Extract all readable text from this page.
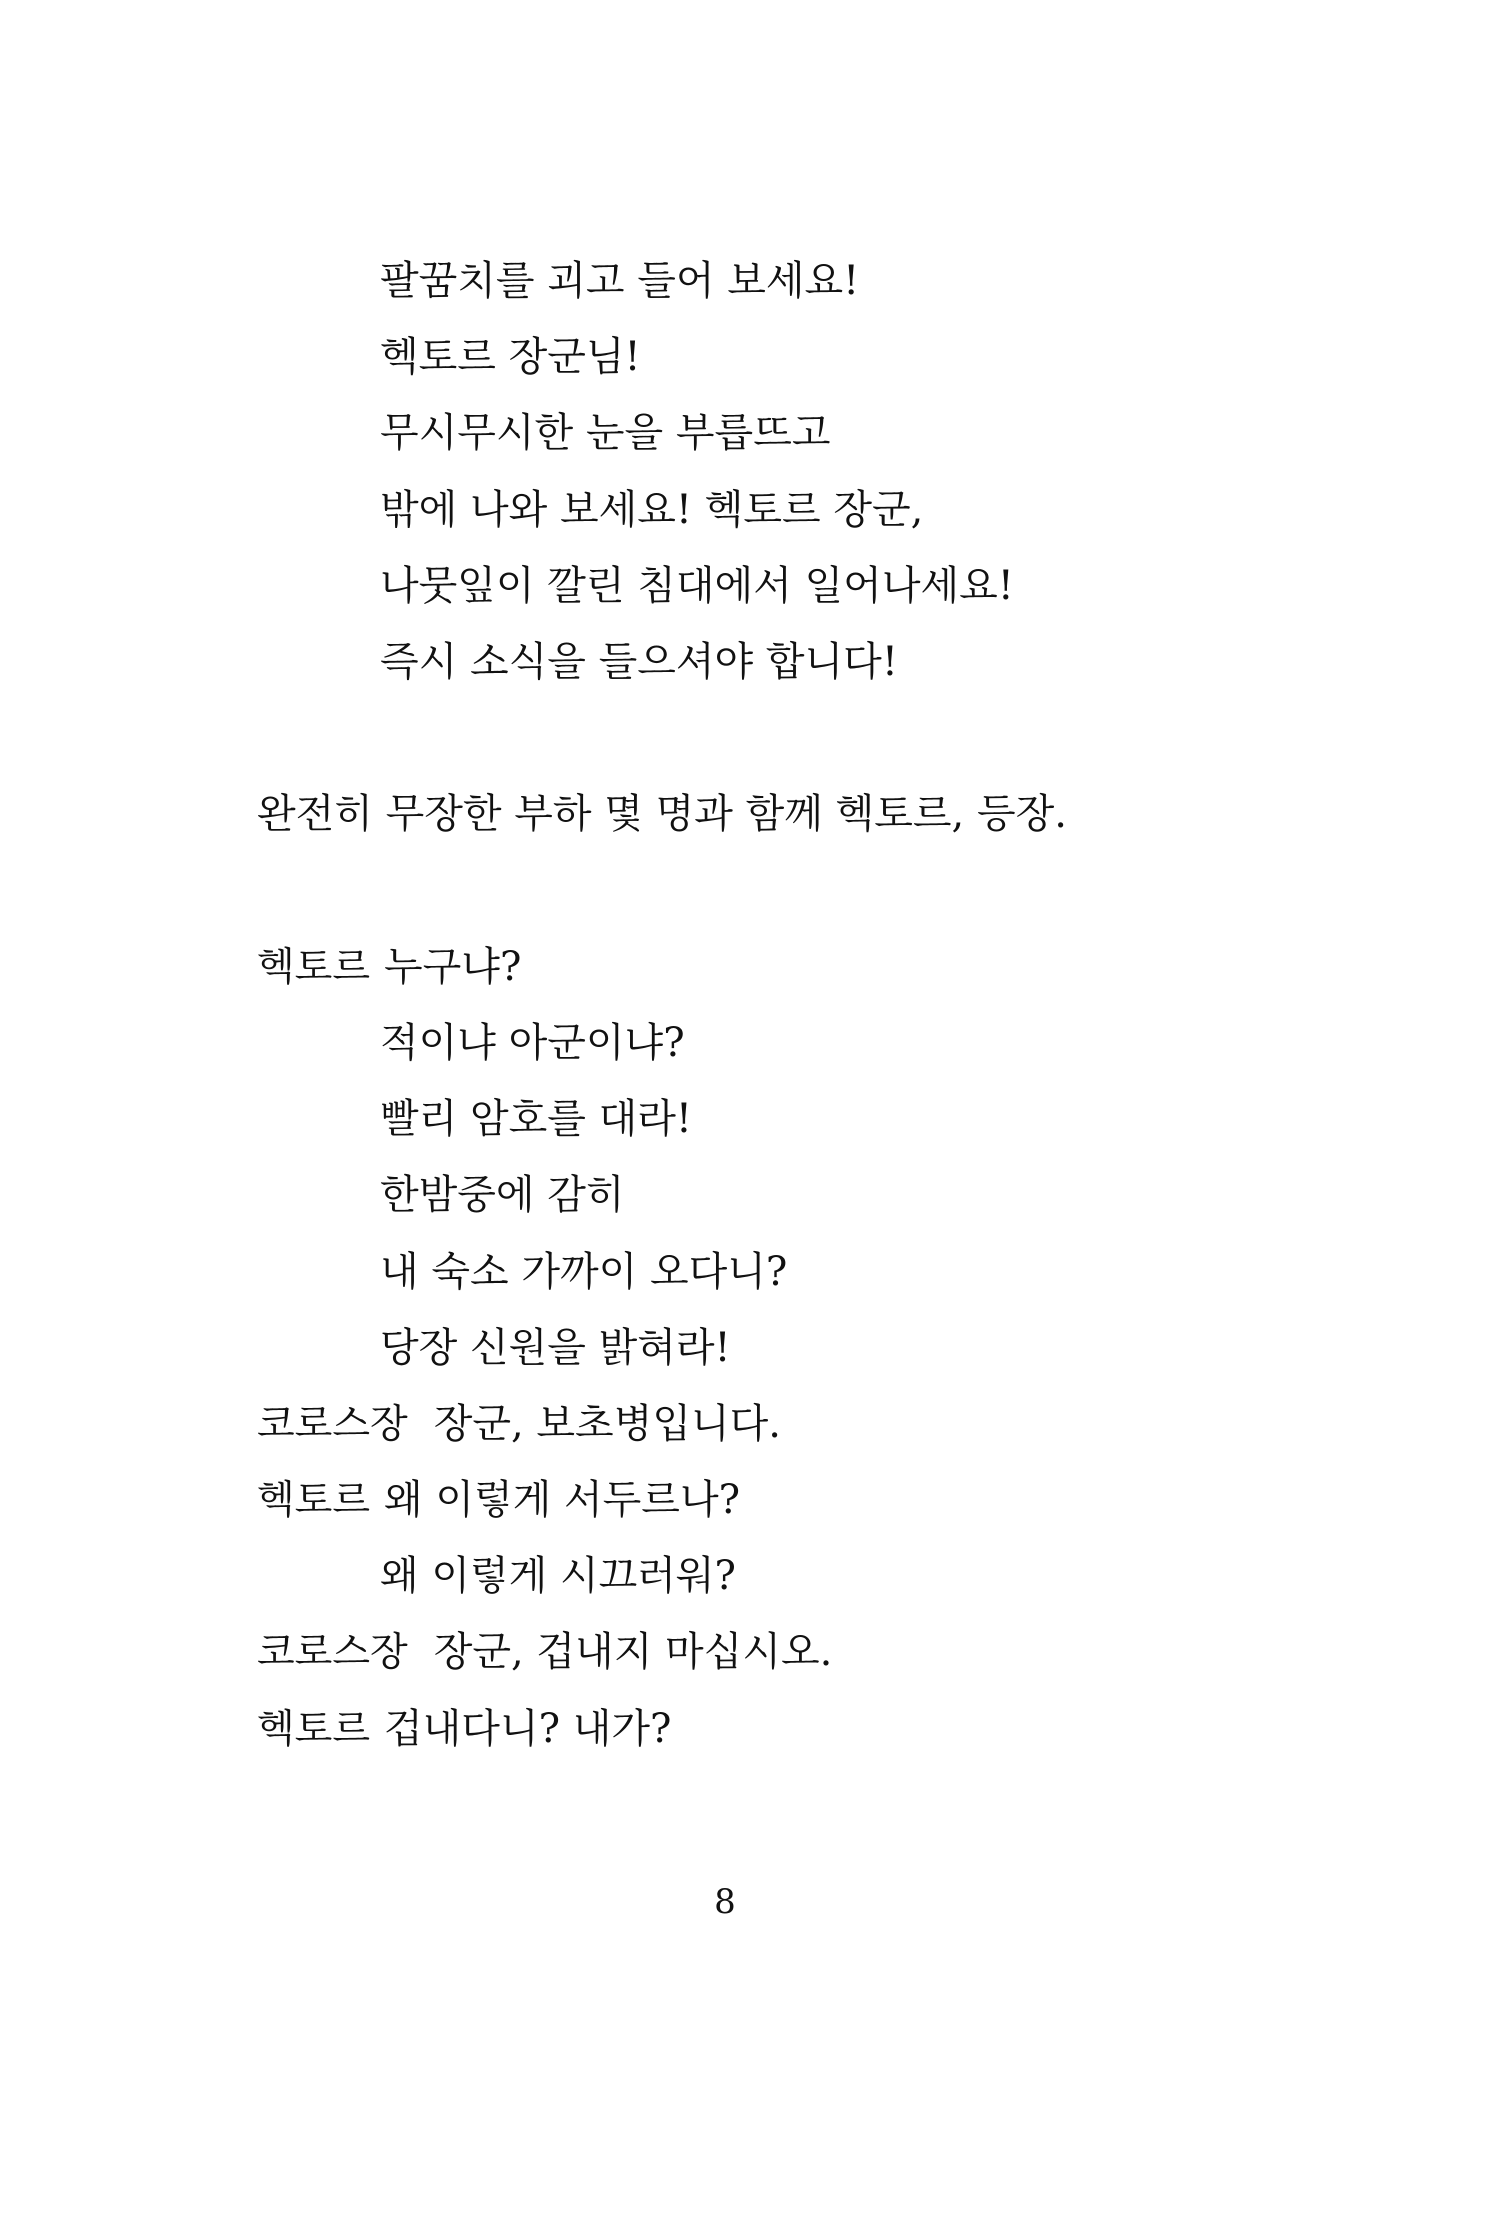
팔꿈치를 괴고 들어 보세요!
헥토르 장군님!
무시무시한 눈을 부릅뜨고
밖에 나와 보세요! 헥토르 장군,
나뭇잎이 깔린 침대에서 일어나세요!
즉시 소식을 들으셔야 합니다!
완전히 무장한 부하 몇 명과 함께 헥토르, 등장.
헥토르 누구냐?
적이냐 아군이냐?
빨리 암호를 대라!
한밤중에 감히
내 숙소 가까이 오다니?
당장 신원을 밝혀라!
코로스장 장군, 보초병입니다.
헥토르 왜 이렇게 서두르나?
왜 이렇게 시끄러워?
코로스장 장군, 겁내지 마십시오.
헥토르 겁내다니? 내가?
8
